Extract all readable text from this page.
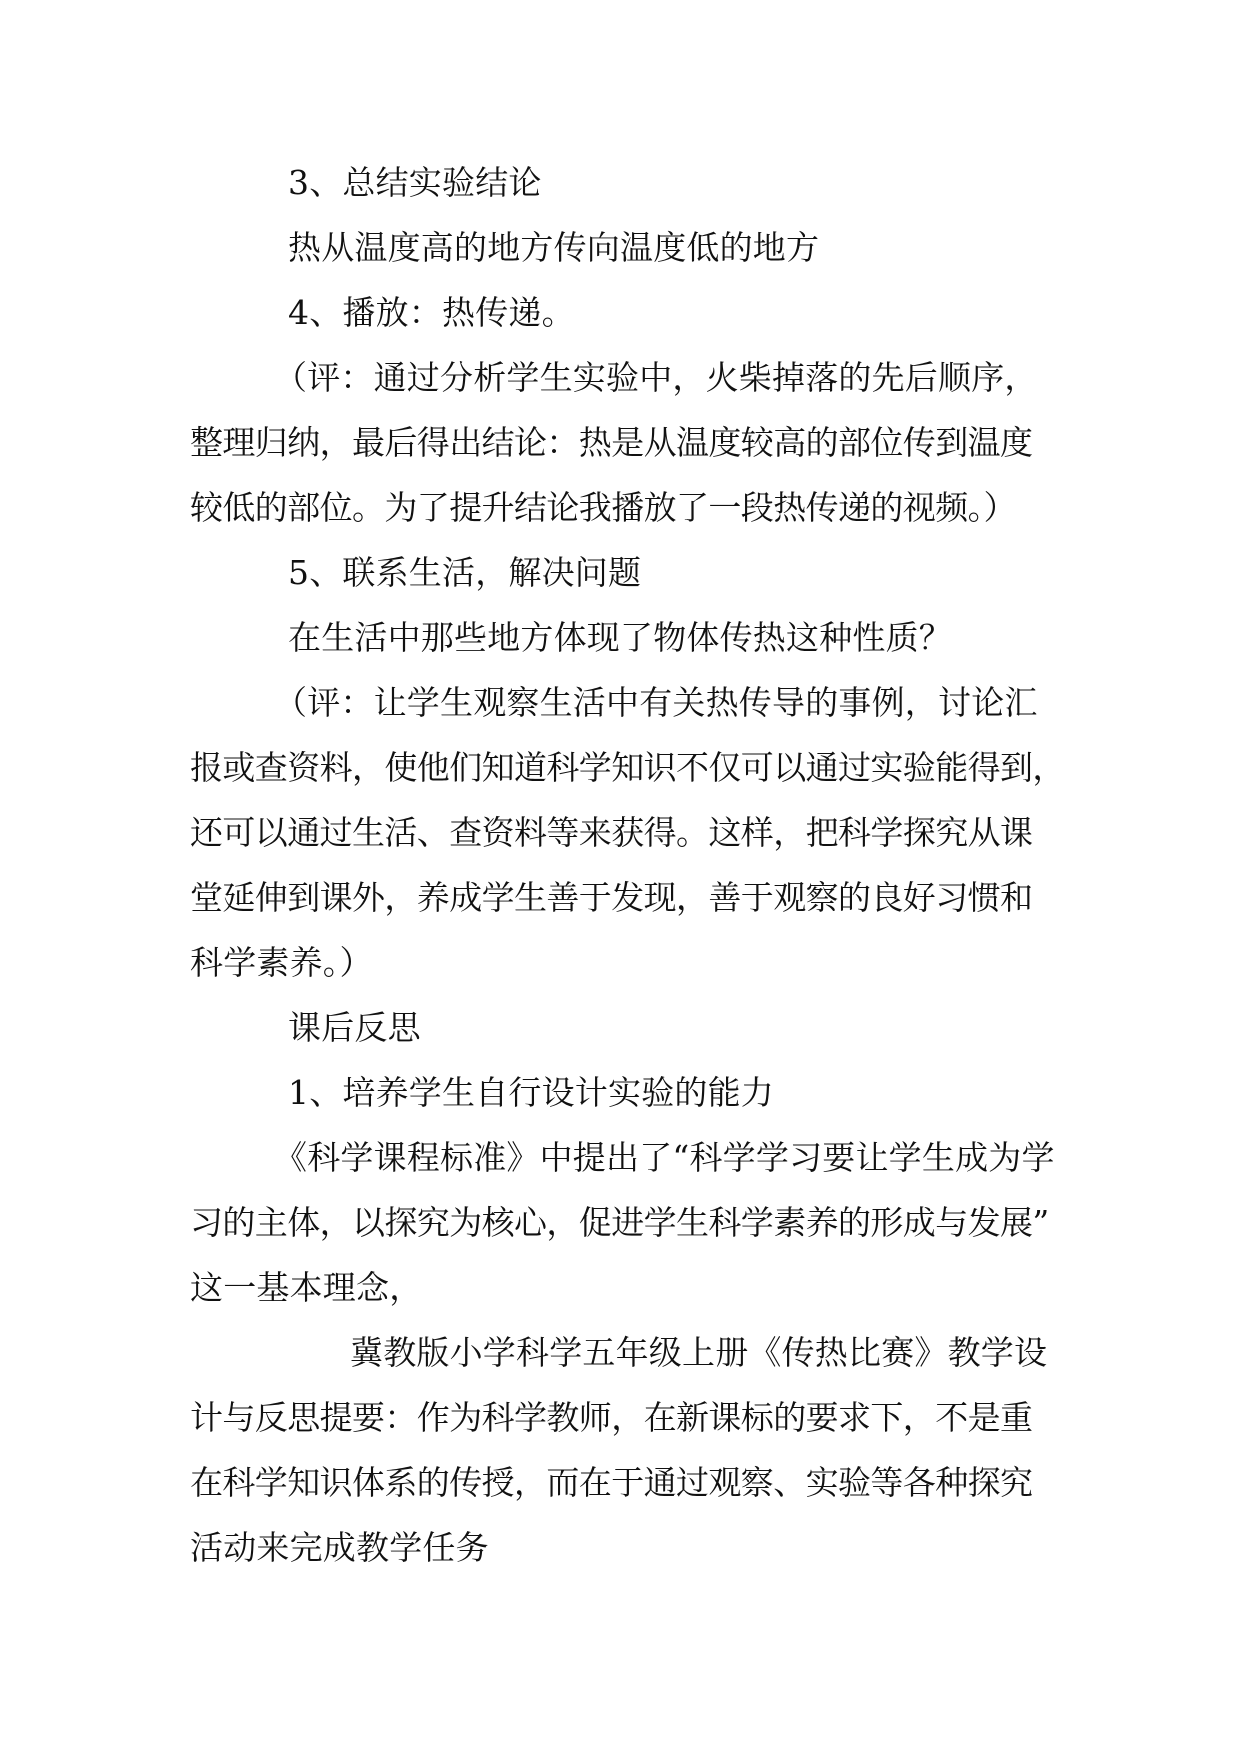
3、总结实验结论
热从温度高的地方传向温度低的地方
4、播放：热传递。
（评：通过分析学生实验中，火柴掉落的先后顺序，
整理归纳，最后得出结论：热是从温度较高的部位传到温度
较低的部位。为了提升结论我播放了一段热传递的视频。）
5、联系生活，解决问题
在生活中那些地方体现了物体传热这种性质？
（评：让学生观察生活中有关热传导的事例，讨论汇
报或查资料，使他们知道科学知识不仅可以通过实验能得到，
还可以通过生活、查资料等来获得。这样，把科学探究从课
堂延伸到课外，养成学生善于发现，善于观察的良好习惯和
科学素养。）
课后反思
1、培养学生自行设计实验的能力
《科学课程标准》中提出了“科学学习要让学生成为学
习的主体，以探究为核心，促进学生科学素养的形成与发展”
这一基本理念，
冀教版小学科学五年级上册《传热比赛》教学设
计与反思提要：作为科学教师，在新课标的要求下，不是重
在科学知识体系的传授，而在于通过观察、实验等各种探究
活动来完成教学任务
